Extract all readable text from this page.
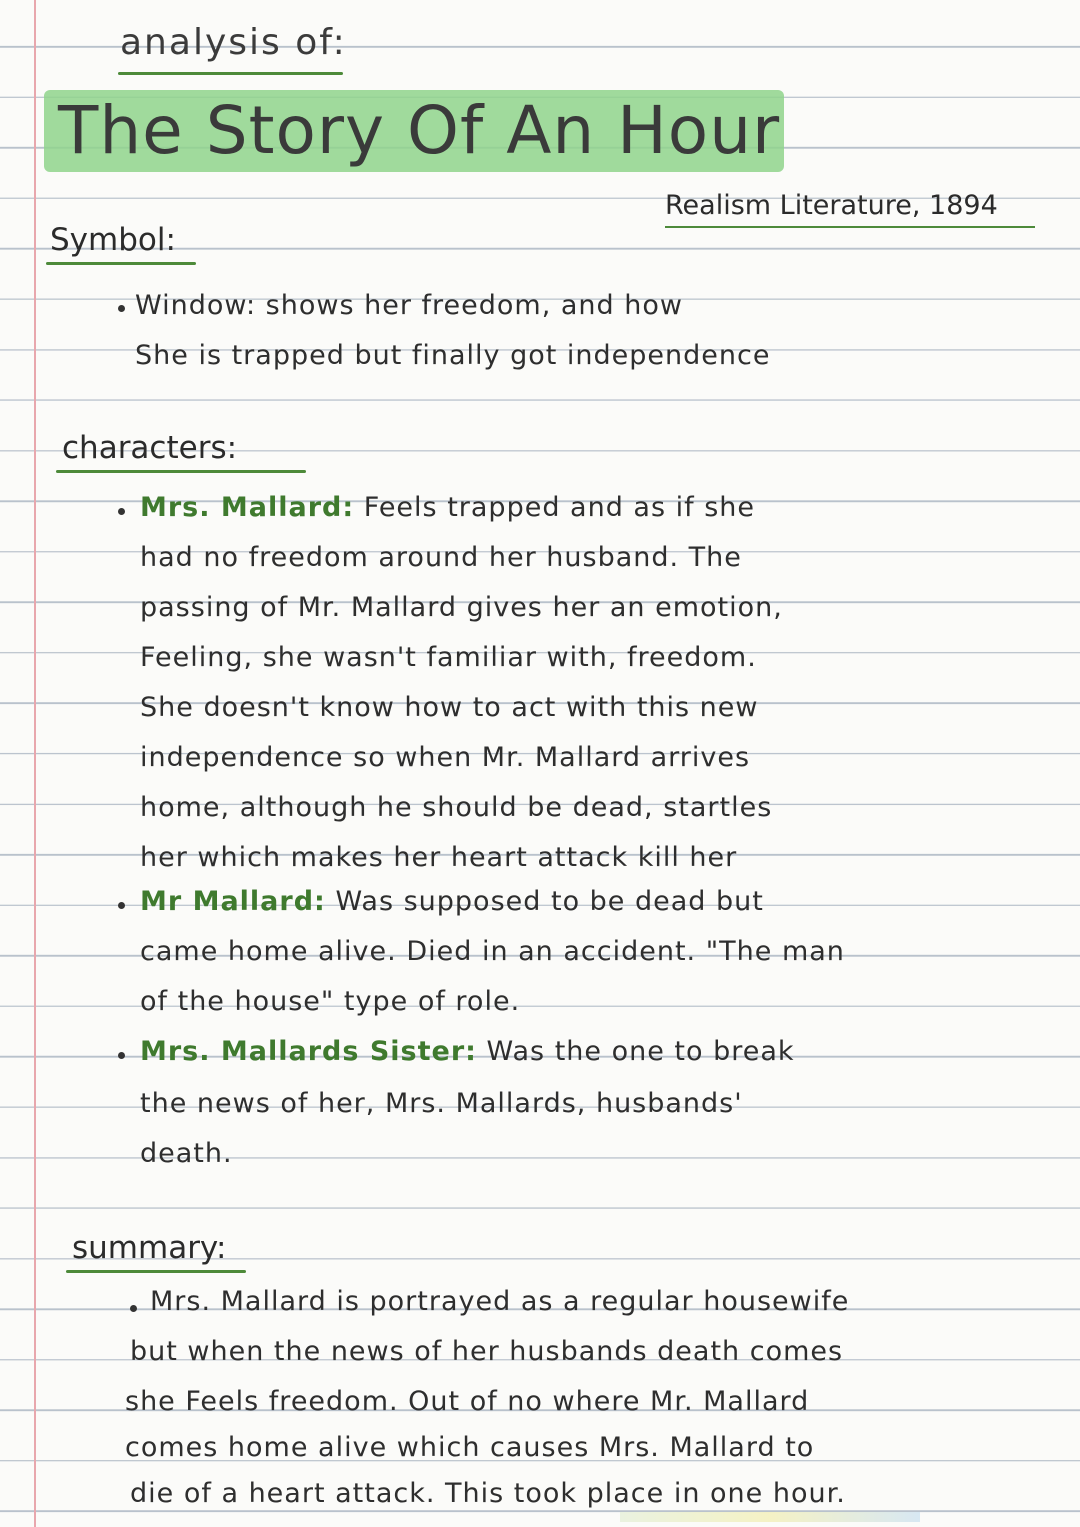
analysis of:
The Story Of An Hour
Realism Literature, 1894
Symbol:
Window: shows her freedom, and how
She is trapped but finally got independence
characters:
Mrs. Mallard: Feels trapped and as if she
had no freedom around her husband. The
passing of Mr. Mallard gives her an emotion,
Feeling, she wasn't familiar with, freedom.
She doesn't know how to act with this new
independence so when Mr. Mallard arrives
home, although he should be dead, startles
her which makes her heart attack kill her
Mr Mallard: Was supposed to be dead but
came home alive. Died in an accident. "The man
of the house" type of role.
Mrs. Mallards Sister: Was the one to break
the news of her, Mrs. Mallards, husbands'
death.
summary:
Mrs. Mallard is portrayed as a regular housewife
but when the news of her husbands death comes
she Feels freedom. Out of no where Mr. Mallard
comes home alive which causes Mrs. Mallard to
die of a heart attack. This took place in one hour.
